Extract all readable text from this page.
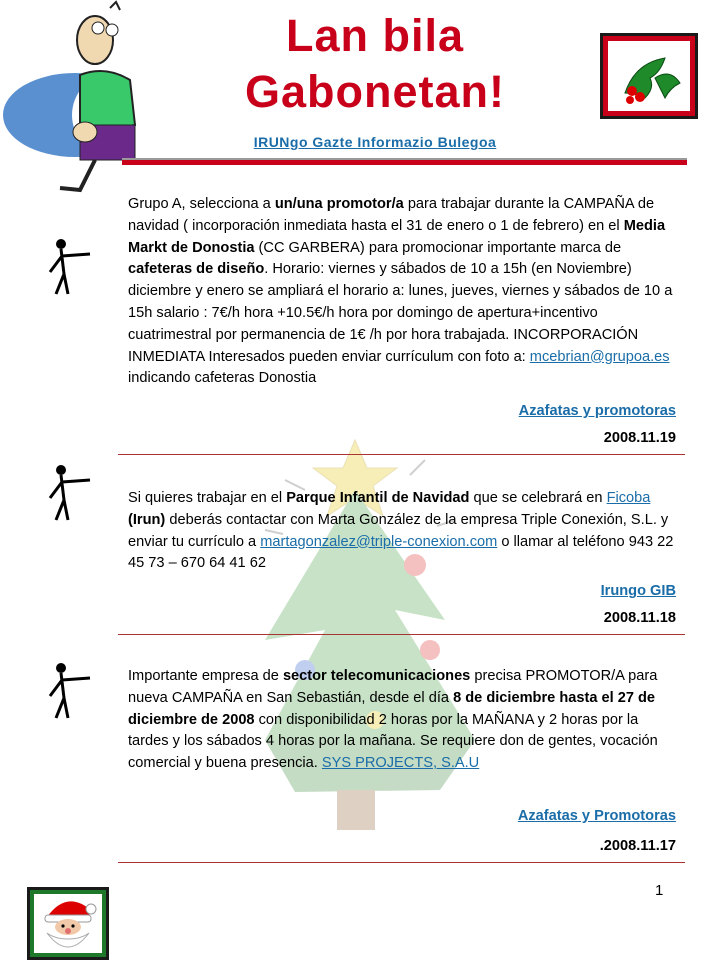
Lan bila
Gabonetan!
IRUNgo Gazte Informazio Bulegoa
Grupo A, selecciona a un/una promotor/a para trabajar durante la CAMPAÑA de navidad ( incorporación inmediata hasta el 31 de enero o 1 de febrero) en el Media Markt de Donostia (CC GARBERA) para promocionar importante marca de cafeteras de diseño. Horario: viernes y sábados de 10 a 15h (en Noviembre) diciembre y enero se ampliará el horario a: lunes, jueves, viernes y sábados de 10 a 15h salario : 7€/h hora +10.5€/h hora por domingo de apertura+incentivo cuatrimestral por permanencia de 1€ /h por hora trabajada. INCORPORACIÓN INMEDIATA Interesados pueden enviar currículum con foto a: mcebrian@grupoa.es indicando cafeteras Donostia
Azafatas y promotoras
2008.11.19
Si quieres trabajar en el Parque Infantil de Navidad que se celebrará en Ficoba (Irun) deberás contactar con Marta González de la empresa Triple Conexión, S.L. y enviar tu currículo a martagonzalez@triple-conexion.com o llamar al teléfono 943 22 45 73 – 670 64 41 62
Irungo GIB
2008.11.18
Importante empresa de sector telecomunicaciones precisa PROMOTOR/A para nueva CAMPAÑA en San Sebastián, desde el día 8 de diciembre hasta el 27 de diciembre de 2008 con disponibilidad 2 horas por la MAÑANA y 2 horas por la tardes y los sábados 4 horas por la mañana. Se requiere don de gentes, vocación comercial y buena presencia. SYS PROJECTS, S.A.U
Azafatas y Promotoras
.2008.11.17
1
